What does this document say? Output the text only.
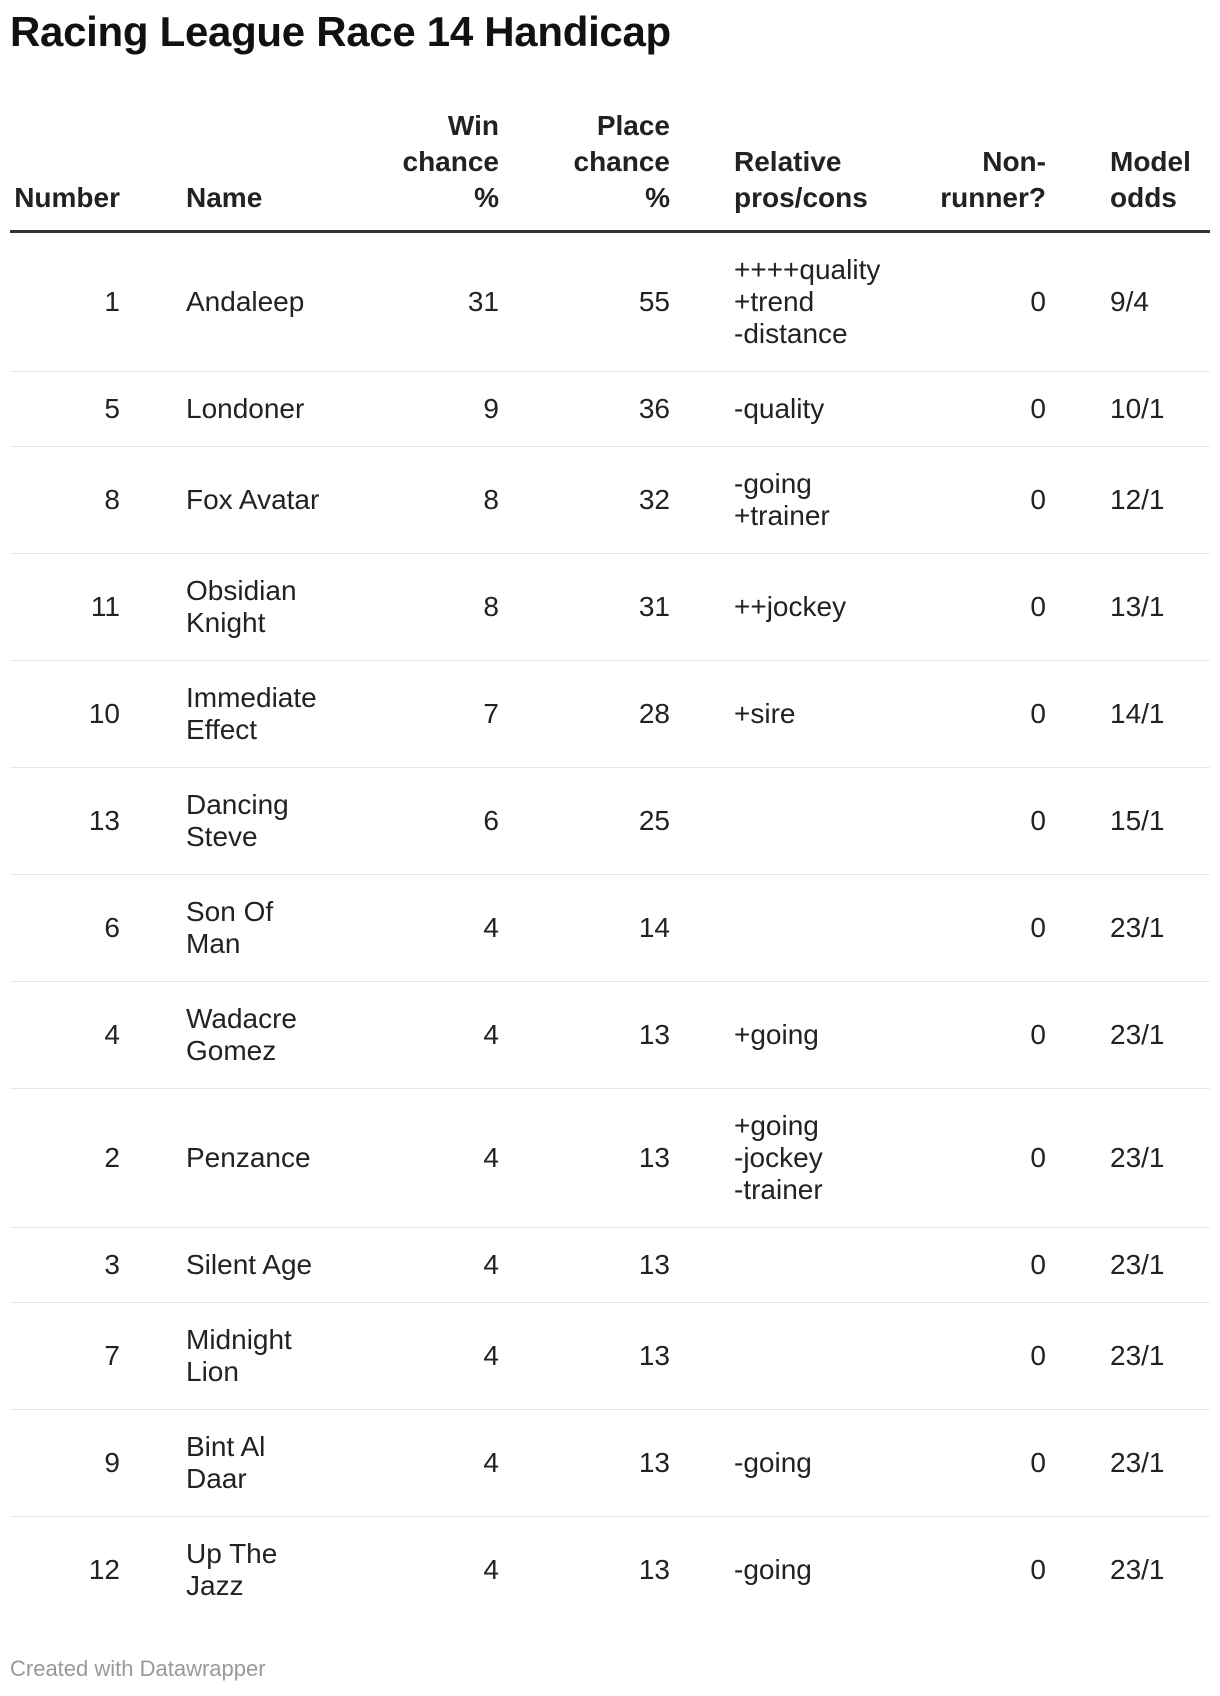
Racing League Race 14 Handicap
Number		Name	Win
chance
%	Place
chance
%		Relative
pros/cons	Non-
runner?		Model
odds
1		Andaleep	31	55		++++quality
+trend
-distance	0		9/4
5		Londoner	9	36		-quality	0		10/1
8		Fox Avatar	8	32		-going
+trainer	0		12/1
11		Obsidian
Knight	8	31		++jockey	0		13/1
10		Immediate
Effect	7	28		+sire	0		14/1
13		Dancing
Steve	6	25			0		15/1
6		Son Of
Man	4	14			0		23/1
4		Wadacre
Gomez	4	13		+going	0		23/1
2		Penzance	4	13		+going
-jockey
-trainer	0		23/1
3		Silent Age	4	13			0		23/1
7		Midnight
Lion	4	13			0		23/1
9		Bint Al
Daar	4	13		-going	0		23/1
12		Up The
Jazz	4	13		-going	0		23/1
Created with Datawrapper
